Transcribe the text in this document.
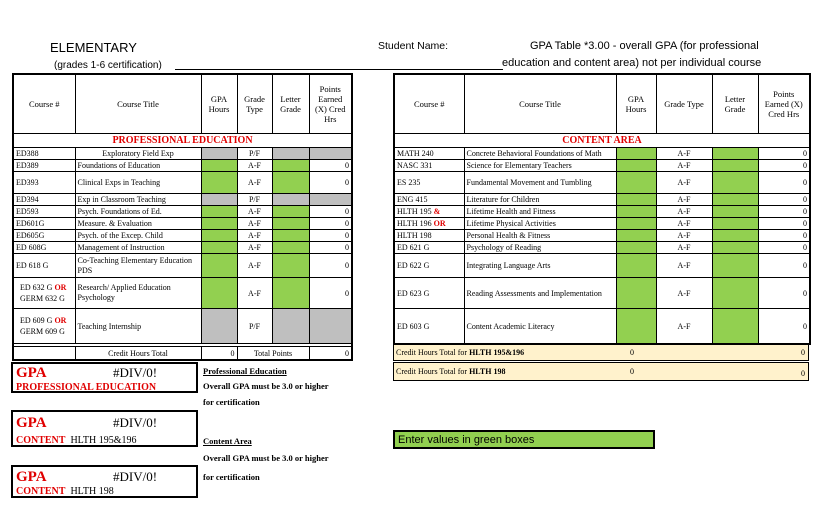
ELEMENTARY
(grades 1-6 certification)
Student Name:	GPA Table *3.00 - overall GPA (for professional
education and content area) not per individual course
Course #	Course Title	GPA Hours	Grade Type	Letter Grade	Points Earned (X) Cred Hrs
PROFESSIONAL EDUCATION					
ED388	Exploratory Field Exp		P/F		
ED389	Foundations of Education		A-F		0
ED393	Clinical Exps in Teaching		A-F		0
ED394	Exp in Classroom Teaching		P/F		
ED593	Psych. Foundations of Ed.		A-F		0
ED601G	Measure. & Evaluation		A-F		0
ED605G	Psych. of the Excep. Child		A-F		0
ED 608G	Management of Instruction		A-F		0
ED 618 G	Co-Teaching Elementary Education PDS		A-F		0
ED 632 G OR
GERM 632 G	Research/ Applied Education Psychology		A-F		0
ED 609 G OR
GERM 609 G	Teaching Internship		P/F		

	Credit Hours Total	0	Total Points		0
Course #	Course Title	GPA Hours	Grade Type	Letter Grade	Points Earned (X) Cred Hrs
CONTENT AREA					
MATH 240	Concrete Behavioral Foundations of Math		A-F		0
NASC 331	Science for Elementary Teachers		A-F		0
ES 235	Fundamental Movement and Tumbling		A-F		0
ENG 415	Literature for Children		A-F		0
HLTH 195 &	Lifetime Health and Fitness		A-F		0
HLTH 196 OR	Lifetime Physical Activities		A-F		0
HLTH 198	Personal Health & Fitness		A-F		0
ED 621 G	Psychology of Reading		A-F		0
ED 622 G	Integrating Language Arts		A-F		0
ED 623 G	Reading Assessments and Implementation		A-F		0
ED 603 G	Content Academic Literacy		A-F		0
Credit Hours Total for HLTH 195&196	0	0
Credit Hours Total for HLTH 198	0	0
GPA	#DIV/0!
PROFESSIONAL EDUCATION
GPA	#DIV/0!
CONTENT HLTH 195&196
GPA	#DIV/0!
CONTENT HLTH 198
Professional Education
Overall GPA must be 3.0 or higher
for certification
Content Area
Overall GPA must be 3.0 or higher
for certification
Enter values in green boxes
